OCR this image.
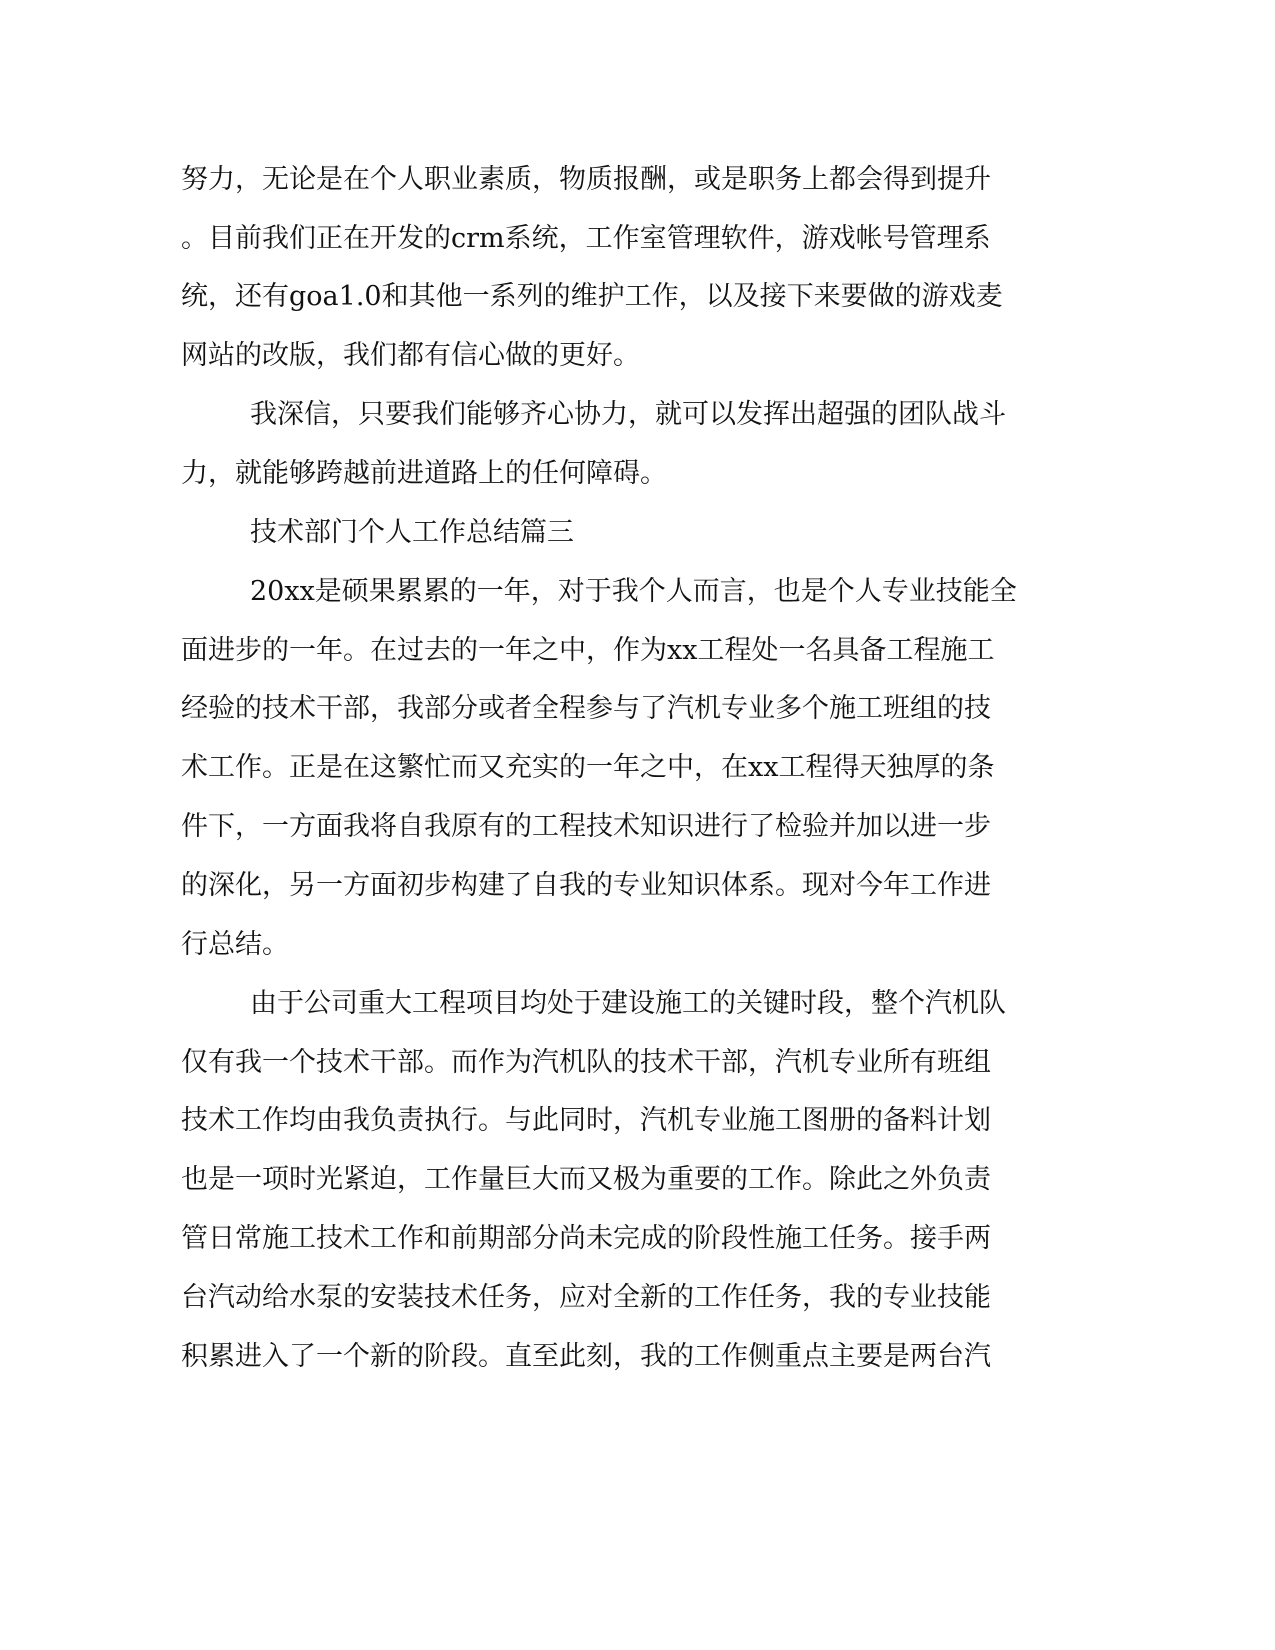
努力，无论是在个人职业素质，物质报酬，或是职务上都会得到提升
。目前我们正在开发的crm系统，工作室管理软件，游戏帐号管理系
统，还有goa1.0和其他一系列的维护工作，以及接下来要做的游戏麦
网站的改版，我们都有信心做的更好。
我深信，只要我们能够齐心协力，就可以发挥出超强的团队战斗
力，就能够跨越前进道路上的任何障碍。
技术部门个人工作总结篇三
20xx是硕果累累的一年，对于我个人而言，也是个人专业技能全
面进步的一年。在过去的一年之中，作为xx工程处一名具备工程施工
经验的技术干部，我部分或者全程参与了汽机专业多个施工班组的技
术工作。正是在这繁忙而又充实的一年之中，在xx工程得天独厚的条
件下，一方面我将自我原有的工程技术知识进行了检验并加以进一步
的深化，另一方面初步构建了自我的专业知识体系。现对今年工作进
行总结。
由于公司重大工程项目均处于建设施工的关键时段，整个汽机队
仅有我一个技术干部。而作为汽机队的技术干部，汽机专业所有班组
技术工作均由我负责执行。与此同时，汽机专业施工图册的备料计划
也是一项时光紧迫，工作量巨大而又极为重要的工作。除此之外负责
管日常施工技术工作和前期部分尚未完成的阶段性施工任务。接手两
台汽动给水泵的安装技术任务，应对全新的工作任务，我的专业技能
积累进入了一个新的阶段。直至此刻，我的工作侧重点主要是两台汽
